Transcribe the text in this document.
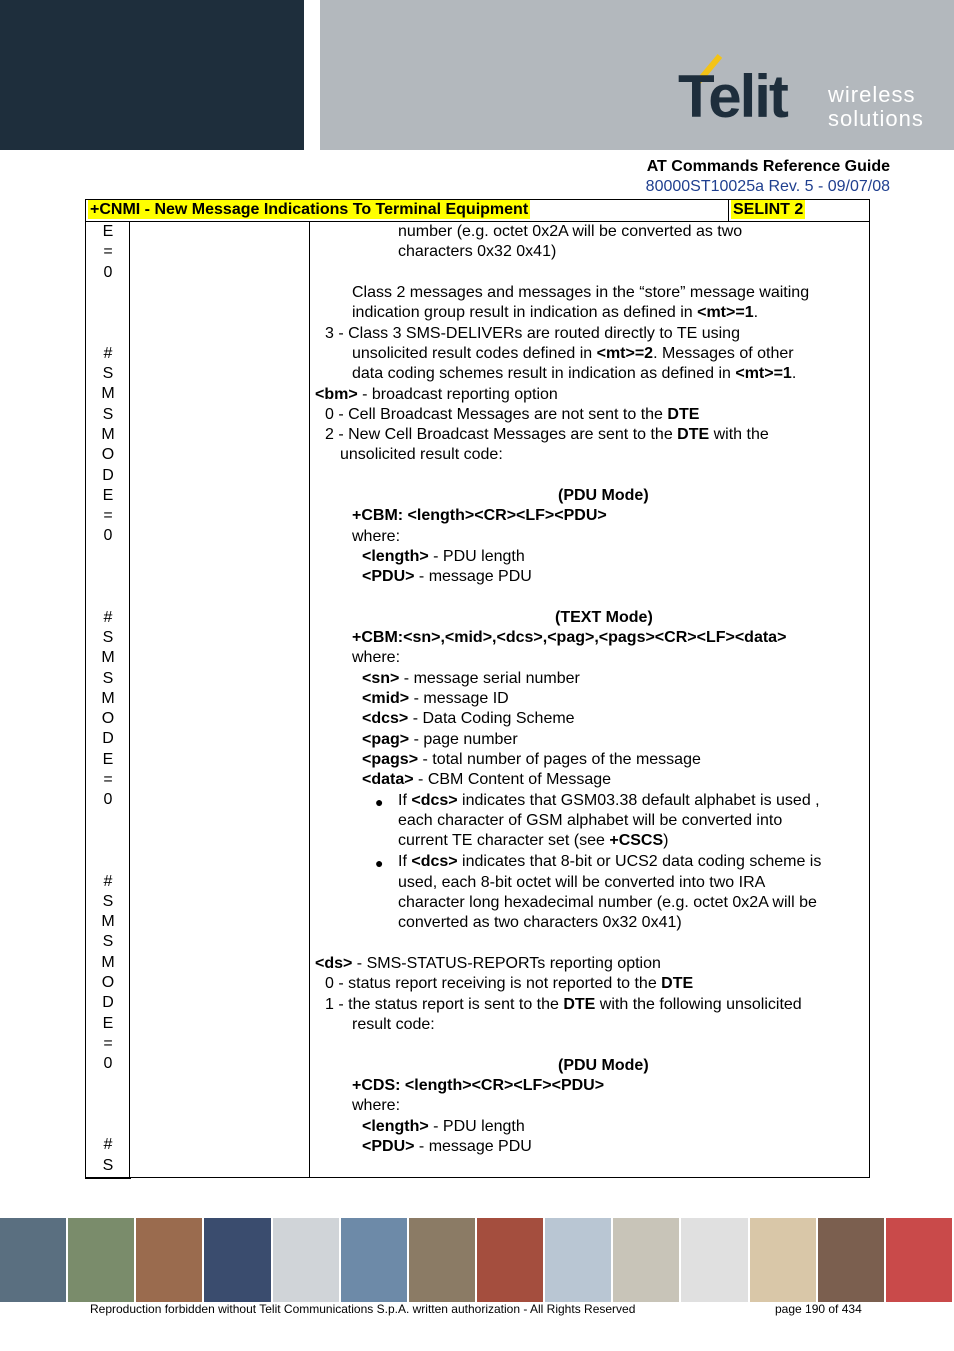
Telit wireless
solutions
AT Commands Reference Guide
80000ST10025a Rev. 5 - 09/07/08
+CNMI - New Message Indications To Terminal Equipment	SELINT 2
E
=
0
#
S
M
S
M
O
D
E
=
0
#
S
M
S
M
O
D
E
=
0
#
S
M
S
M
O
D
E
=
0
#
S
number (e.g. octet 0x2A will be converted as two
characters 0x32 0x41)
Class 2 messages and messages in the “store” message waiting
indication group result in indication as defined in <mt>=1.
3 - Class 3 SMS-DELIVERs are routed directly to TE using
unsolicited result codes defined in <mt>=2. Messages of other
data coding schemes result in indication as defined in <mt>=1.
<bm> - broadcast reporting option
0 - Cell Broadcast Messages are not sent to the DTE
2 - New Cell Broadcast Messages are sent to the DTE with the
unsolicited result code:
(PDU Mode)
+CBM: <length><CR><LF><PDU>
where:
<length> - PDU length
<PDU> - message PDU
(TEXT Mode)
+CBM:<sn>,<mid>,<dcs>,<pag>,<pags><CR><LF><data>
where:
<sn> - message serial number
<mid> - message ID
<dcs> - Data Coding Scheme
<pag> - page number
<pags> - total number of pages of the message
<data> - CBM Content of Message
● If <dcs> indicates that GSM03.38 default alphabet is used ,
each character of GSM alphabet will be converted into
current TE character set (see +CSCS)
● If <dcs> indicates that 8-bit or UCS2 data coding scheme is
used, each 8-bit octet will be converted into two IRA
character long hexadecimal number (e.g. octet 0x2A will be
converted as two characters 0x32 0x41)
<ds> - SMS-STATUS-REPORTs reporting option
0 - status report receiving is not reported to the DTE
1 - the status report is sent to the DTE with the following unsolicited
result code:
(PDU Mode)
+CDS: <length><CR><LF><PDU>
where:
<length> - PDU length
<PDU> - message PDU
Reproduction forbidden without Telit Communications S.p.A. written authorization - All Rights Reserved	page 190 of 434
